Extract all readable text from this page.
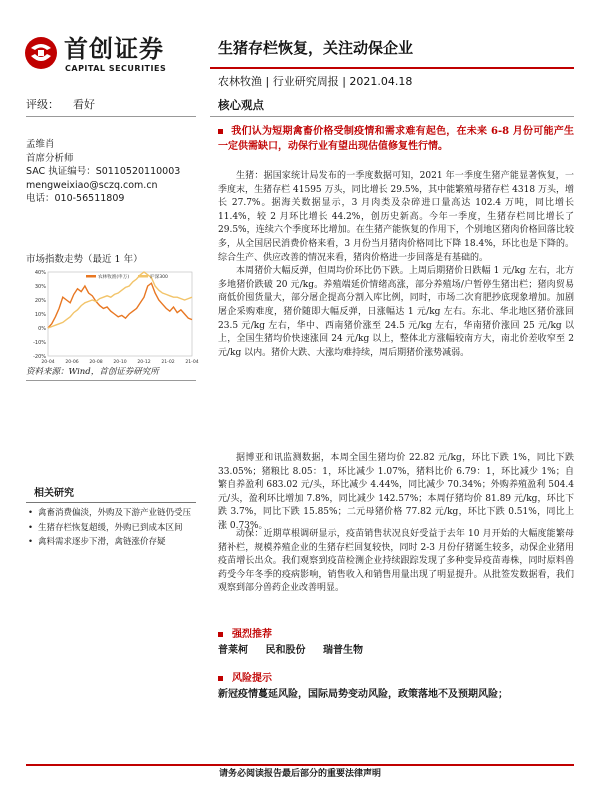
首创证券
CAPITAL SECURITIES
生猪存栏恢复，关注动保企业
农林牧渔 | 行业研究周报 | 2021.04.18
评级： 看好
孟维肖
首席分析师
SAC 执证编号：S0110520110003
mengweixiao@sczq.com.cn
电话：010-56511809
市场指数走势（最近 1 年）
40%
30%
20%
10%
0%
-10%
-20%
20-04 20-06 20-08 20-10 20-12 21-02 21-04
农林牧渔(申万)	沪深300
资料来源：Wind，首创证券研究所
相关研究
• 禽畜消费偏淡，外购及下游产业链仍受压
• 生猪存栏恢复超缓，外购已到成本区间
• 禽料需求逐步下滑，禽链涨价存疑
核心观点
我们认为短期禽畜价格受制疫情和需求难有起色，在未来 6-8 月份可能产生一定供需缺口，动保行业有望出现估值修复性行情。
生猪：据国家统计局发布的一季度数据可知，2021 年一季度生猪产能显著恢复，一季度末，生猪存栏 41595 万头，同比增长 29.5%，其中能繁殖母猪存栏 4318 万头，增长 27.7%。据海关数据显示，3 月肉类及杂碎进口量高达 102.4 万吨，同比增长 11.4%，较 2 月环比增长 44.2%，创历史新高。今年一季度，生猪存栏同比增长了 29.5%，连续六个季度环比增加。在生猪产能恢复的作用下，个别地区猪肉价格回落比较多，从全国居民消费价格来看，3 月份当月猪肉价格同比下降 18.4%，环比也是下降的。综合生产、供应改善的情况来看，猪肉价格进一步回落是有基础的。
本周猪价大幅反弹，但周均价环比仍下跌。上周后期猪价日跌幅 1 元/kg 左右，北方多地猪价跌破 20 元/kg。养殖端延价情绪高涨，部分养殖场/户暂停生猪出栏；猪肉贸易商低价囤货量大，部分屠企提高分割入库比例，同时，市场二次育肥抄底现象增加。加剧屠企采购难度，猪价随即大幅反弹，日涨幅达 1 元/kg 左右。东北、华北地区猪价涨回 23.5 元/kg 左右，华中、西南猪价涨至 24.5 元/kg 左右，华南猪价涨回 25 元/kg 以上，全国生猪均价快速涨回 24 元/kg 以上，整体北方涨幅较南方大，南北价差收窄至 2 元/kg 以内。猪价大跌、大涨均难持续，周后期猪价涨势减弱。
据博亚和讯监测数据，本周全国生猪均价 22.82 元/kg，环比下跌 1%，同比下跌 33.05%；猪粮比 8.05：1，环比减少 1.07%，猪料比价 6.79：1，环比减少 1%；自繁自养盈利 683.02 元/头，环比减少 4.44%，同比减少 70.34%；外购养殖盈利 504.4 元/头，盈利环比增加 7.8%，同比减少 142.57%；本周仔猪均价 81.89 元/kg，环比下跌 3.7%，同比下跌 15.85%；二元母猪价格 77.82 元/kg，环比下跌 0.51%，同比上涨 0.73%。
动保：近期草根调研显示，疫苗销售状况良好受益于去年 10 月开始的大幅度能繁母猪补栏，规模养殖企业的生猪存栏回复较快，同时 2-3 月份仔猪诞生较多，动保企业猪用疫苗增长出众。我们观察到疫苗检测企业持续跟踪发现了多种变异疫苗毒株，同时原料兽药受今年冬季的疫病影响，销售收入和销售用量出现了明显提升。从批签发数据看，我们观察到部分兽药企业改善明显。
强烈推荐
普莱柯 民和股份 瑞普生物
风险提示
新冠疫情蔓延风险，国际局势变动风险，政策落地不及预期风险；
请务必阅读报告最后部分的重要法律声明
